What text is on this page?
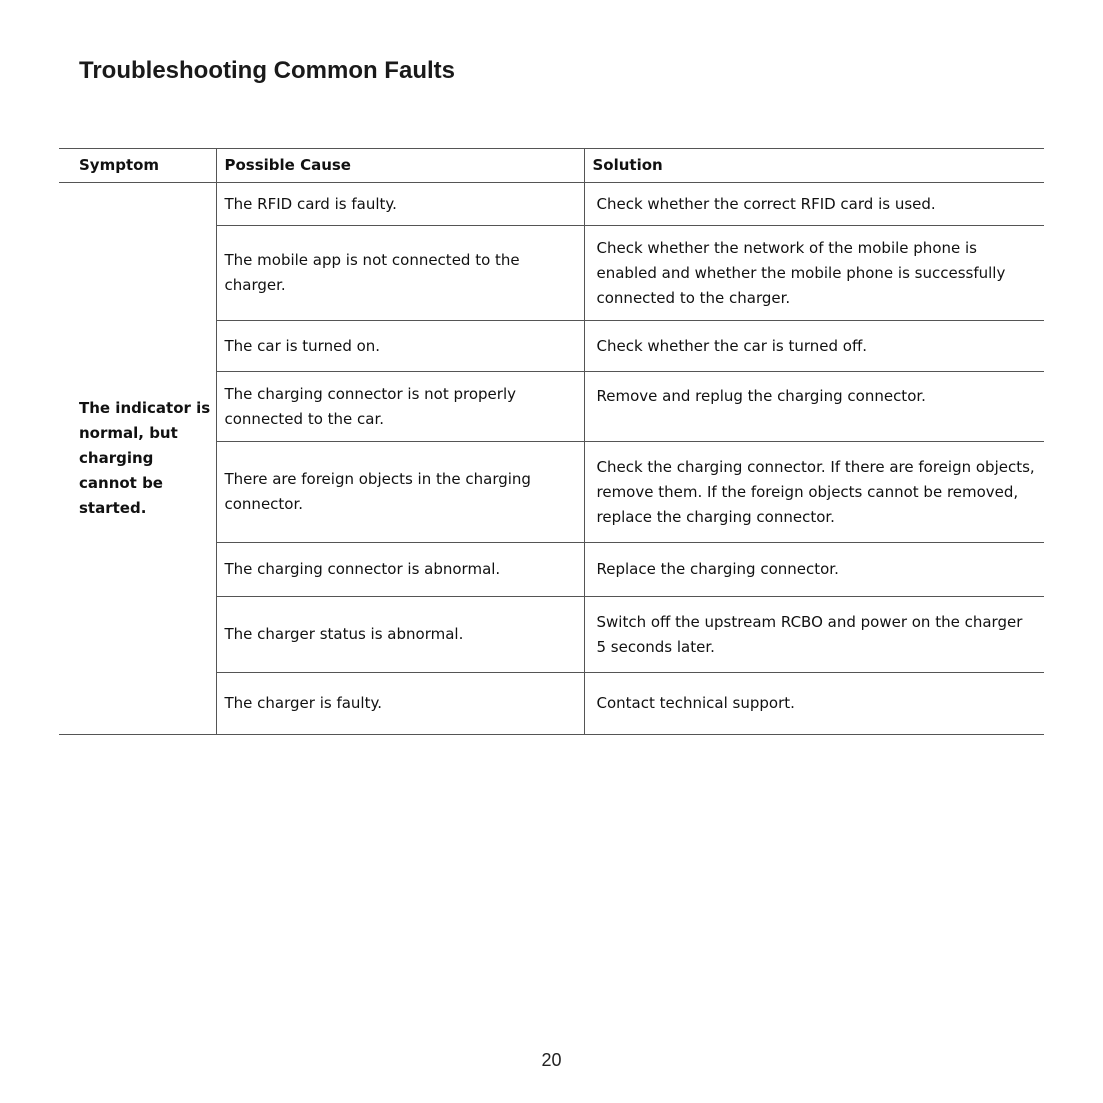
Troubleshooting Common Faults
Symptom	Possible Cause	Solution
The indicator is normal, but charging cannot be started.	The RFID card is faulty.	Check whether the correct RFID card is used.
	The mobile app is not connected to the charger.	Check whether the network of the mobile phone is enabled and whether the mobile phone is successfully connected to the charger.
	The car is turned on.	Check whether the car is turned off.
	The charging connector is not properly connected to the car.	Remove and replug the charging connector.
	There are foreign objects in the charging connector.	Check the charging connector. If there are foreign objects, remove them. If the foreign objects cannot be removed, replace the charging connector.
	The charging connector is abnormal.	Replace the charging connector.
	The charger status is abnormal.	Switch off the upstream RCBO and power on the charger 5 seconds later.
	The charger is faulty.	Contact technical support.
20
